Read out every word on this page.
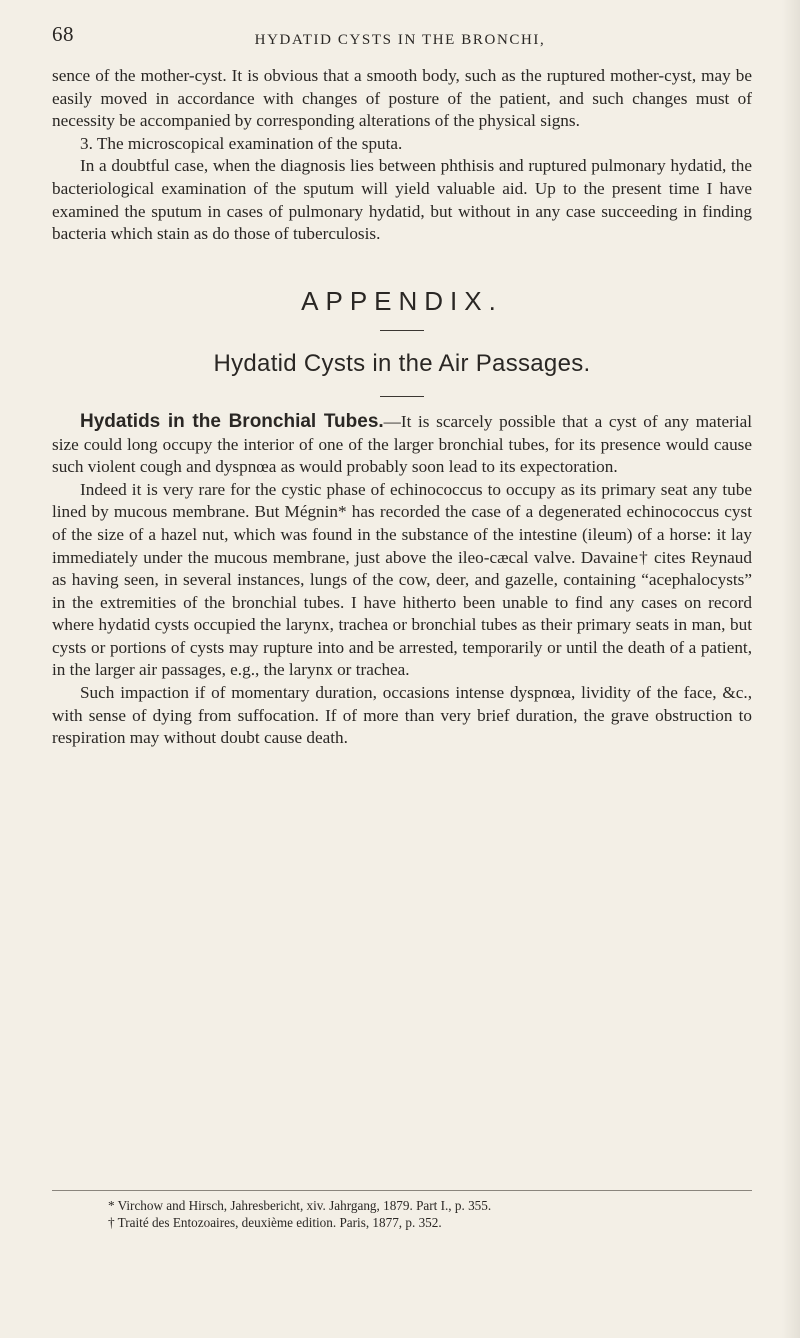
68	HYDATID CYSTS IN THE BRONCHI,

sence of the mother-cyst. It is obvious that a smooth body, such as the ruptured mother-cyst, may be easily moved in accordance with changes of posture of the patient, and such changes must of necessity be accompanied by corresponding alterations of the physical signs.

3. The microscopical examination of the sputa.

In a doubtful case, when the diagnosis lies between phthisis and ruptured pulmonary hydatid, the bacteriological examination of the sputum will yield valuable aid. Up to the present time I have examined the sputum in cases of pulmonary hydatid, but without in any case succeeding in finding bacteria which stain as do those of tuberculosis.

APPENDIX.
Hydatid Cysts in the Air Passages.

Hydatids in the Bronchial Tubes.—It is scarcely possible that a cyst of any material size could long occupy the interior of one of the larger bronchial tubes, for its presence would cause such violent cough and dyspnœa as would probably soon lead to its expectoration.

Indeed it is very rare for the cystic phase of echinococcus to occupy as its primary seat any tube lined by mucous membrane. But Mégnin* has recorded the case of a degenerated echinococcus cyst of the size of a hazel nut, which was found in the substance of the intestine (ileum) of a horse: it lay immediately under the mucous membrane, just above the ileo-cæcal valve. Davaine† cites Reynaud as having seen, in several instances, lungs of the cow, deer, and gazelle, containing “acephalocysts” in the extremities of the bronchial tubes. I have hitherto been unable to find any cases on record where hydatid cysts occupied the larynx, trachea or bronchial tubes as their primary seats in man, but cysts or portions of cysts may rupture into and be arrested, temporarily or until the death of a patient, in the larger air passages, e.g., the larynx or trachea.

Such impaction if of momentary duration, occasions intense dyspnœa, lividity of the face, &c., with sense of dying from suffocation. If of more than very brief duration, the grave obstruction to respiration may without doubt cause death.

* Virchow and Hirsch, Jahresbericht, xiv. Jahrgang, 1879. Part I., p. 355.

† Traité des Entozoaires, deuxième edition. Paris, 1877, p. 352.
